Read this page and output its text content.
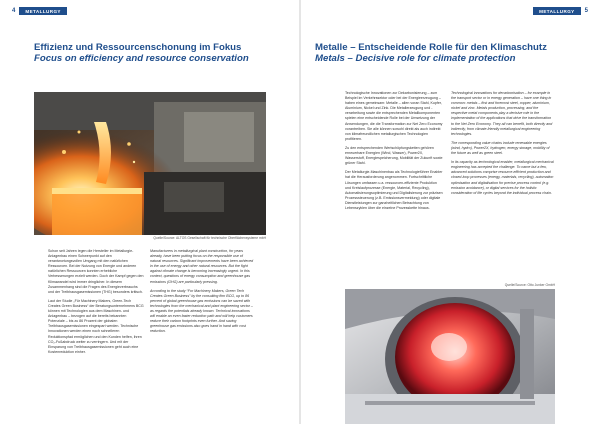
4	METALLURGY
Effizienz und Ressourcenschonung im Fokus
Focus on efficiency and resource conservation
Quelle/Source: ALTOS Gesellschaft für technische Oberflächensysteme mbH

Schon seit Jahren legen die Hersteller im Metallurgie-Anlagenbau einen Schwerpunkt auf den verantwortungsvollen Umgang mit den natürlichen Ressourcen. Bei der Nutzung von Energie und anderen natürlichen Ressourcen konnten erhebliche Verbesserungen erzielt werden. Doch der Kampf gegen den Klimawandel wird immer dringlicher. In diesem Zusammenhang sind die Fragen des Energieverbrauchs und der Treibhausgasemissionen (THG) besonders kritisch.

Laut der Studie „Für Machinery Makers, Green-Tech Creates Green Business“ der Beratungsunternehmens BCG können mit Technologien aus dem Maschinen- und Anlagenbau – bezogen auf die bereits bekannten Potenziale – bis zu 86 Prozent der globalen Treibhausgasemissionen eingespart werden. Technische Innovationen werden einen noch schnelleren Reduktionspfad ermöglichen und den Kunden helfen, ihren CO₂-Fußabdruck weiter zu verringern. Und mit der Einsparung von Treibhausgasemissionen geht auch eine Kostenreduktion einher.

Manufacturers in metallurgical plant construction, for years already, have been putting focus on the responsible use of natural resources. Significant improvements have been achieved in the use of energy and other natural resources. But the fight against climate change is becoming increasingly urgent. In this context, questions of energy consumption and greenhouse gas emissions (GHG) are particularly pressing.

According to the study “For Machinery Makers, Green Tech Creates Green Business” by the consulting firm BCG, up to 86 percent of global greenhouse gas emissions can be saved with technologies from the mechanical and plant engineering sector – as regards the potentials already known. Technical innovations will enable an even faster reduction path and will help customers reduce their carbon footprints even further. And saving greenhouse gas emissions also goes hand in hand with cost reduction.

METALLURGY	5
Metalle – Entscheidende Rolle für den Klimaschutz
Metals – Decisive role for climate protection

Technologische Innovationen zur Dekarbonisierung – zum Beispiel im Verkehrssektor oder bei der Energieerzeugung – haben eines gemeinsam: Metalle – allen voran Stahl, Kupfer, Aluminium, Nickel und Zink. Die Metallerzeugung und -verarbeitung sowie die entsprechenden Metallkomponenten spielen eine entscheidende Rolle bei der Umsetzung der Anwendungen, die die Transformation zur Net Zero Economy vorantreiben. Sie alle können sowohl direkt als auch indirekt von klimafreundlichen metallurgischen Technologien profitieren.

Zu den entsprechenden Wertschöpfungsketten gehören erneuerbare Energien (Wind, Wasser), Power2X, Wasserstoff, Energiespeicherung, Mobilität der Zukunft sowie grüner Stahl.

Der Metallurgie-Maschinenbau als Technologieführer Enabler hat die Herausforderung angenommen. Fortschrittliche Lösungen umfassen u.a. ressourcen-effiziente Produktion und Kreislaufprozesse (Energie, Material, Recycling), Automatisierungsoptimierung und Digitalisierung zur präzisen Prozesssteuerung (z.B. Emissionsvermeidung) oder digitale Dienstleistungen zur ganzheitlichen Betrachtung von Lebenszyklen über die einzelne Prozesskette hinaus.

Technological innovations for decarbonisation – for example in the transport sector or in energy generation – have one thing in common: metals – first and foremost steel, copper, aluminium, nickel and zinc. Metals production, processing, and the respective metal components play a decisive role in the implementation of the applications that drive the transformation to the Net Zero Economy. They all can benefit, both directly and indirectly, from climate-friendly metallurgical engineering technologies.

The corresponding value chains include renewable energies (wind, hydro), Power2X, hydrogen, energy storage, mobility of the future as well as green steel.

In its capacity as technological enabler, metallurgical mechanical engineering has accepted the challenge. To name but a few, advanced solutions comprise resource-efficient production and closed-loop processes (energy, materials, recycling), automation optimisation and digitalisation for precise process control (e.g. emission avoidance), or digital services for the holistic consideration of life cycles beyond the individual process chain.

Quelle/Source: Otto Junker GmbH
